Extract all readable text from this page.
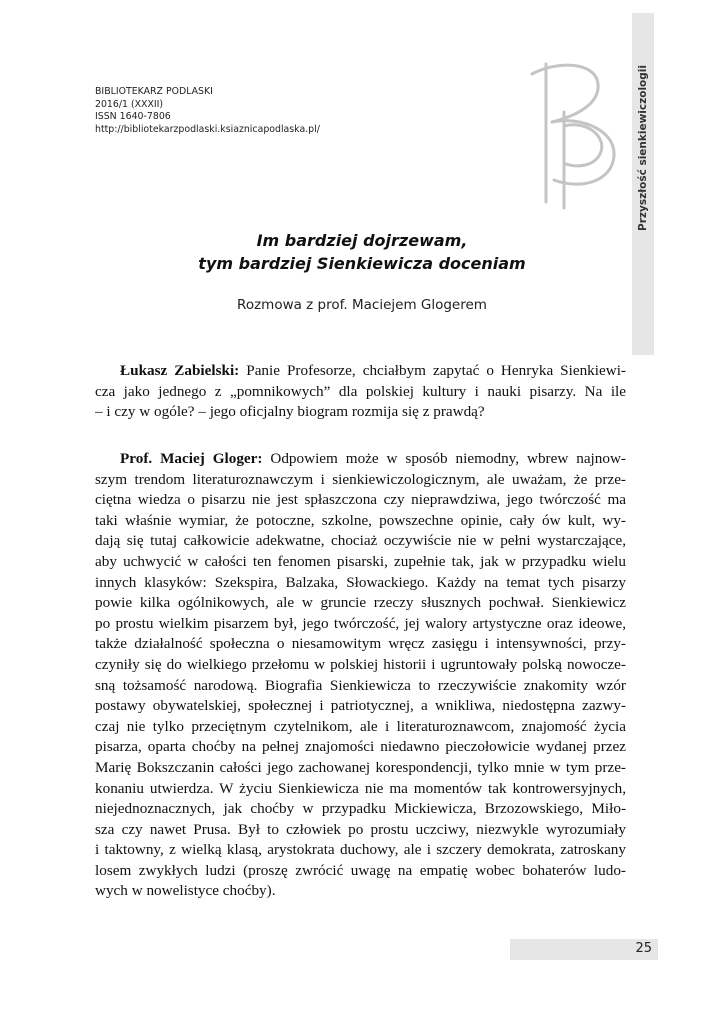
BIBLIOTEKARZ PODLASKI
2016/1 (XXXII)
ISSN 1640-7806
http://bibliotekarzpodlaski.ksiaznicapodlaska.pl/	Przyszłość sienkiewiczologii
Im bardziej dojrzewam,
tym bardziej Sienkiewicza doceniam
Rozmowa z prof. Maciejem Glogerem
Łukasz Zabielski: Panie Profesorze, chciałbym zapytać o Henryka Sienkiewi-
cza jako jednego z „pomnikowych” dla polskiej kultury i nauki pisarzy. Na ile
– i czy w ogóle? – jego oficjalny biogram rozmija się z prawdą?
Prof. Maciej Gloger: Odpowiem może w sposób niemodny, wbrew najnow-
szym trendom literaturoznawczym i sienkiewiczologicznym, ale uważam, że prze-
ciętna wiedza o pisarzu nie jest spłaszczona czy nieprawdziwa, jego twórczość ma
taki właśnie wymiar, że potoczne, szkolne, powszechne opinie, cały ów kult, wy-
dają się tutaj całkowicie adekwatne, chociaż oczywiście nie w pełni wystarczające,
aby uchwycić w całości ten fenomen pisarski, zupełnie tak, jak w przypadku wielu
innych klasyków: Szekspira, Balzaka, Słowackiego. Każdy na temat tych pisarzy
powie kilka ogólnikowych, ale w gruncie rzeczy słusznych pochwał. Sienkiewicz
po prostu wielkim pisarzem był, jego twórczość, jej walory artystyczne oraz ideowe,
także działalność społeczna o niesamowitym wręcz zasięgu i intensywności, przy-
czyniły się do wielkiego przełomu w polskiej historii i ugruntowały polską nowocze-
sną tożsamość narodową. Biografia Sienkiewicza to rzeczywiście znakomity wzór
postawy obywatelskiej, społecznej i patriotycznej, a wnikliwa, niedostępna zazwy-
czaj nie tylko przeciętnym czytelnikom, ale i literaturoznawcom, znajomość życia
pisarza, oparta choćby na pełnej znajomości niedawno pieczołowicie wydanej przez
Marię Bokszczanin całości jego zachowanej korespondencji, tylko mnie w tym prze-
konaniu utwierdza. W życiu Sienkiewicza nie ma momentów tak kontrowersyjnych,
niejednoznacznych, jak choćby w przypadku Mickiewicza, Brzozowskiego, Miło-
sza czy nawet Prusa. Był to człowiek po prostu uczciwy, niezwykle wyrozumiały
i taktowny, z wielką klasą, arystokrata duchowy, ale i szczery demokrata, zatroskany
losem zwykłych ludzi (proszę zwrócić uwagę na empatię wobec bohaterów ludo-
wych w nowelistyce choćby).
25
